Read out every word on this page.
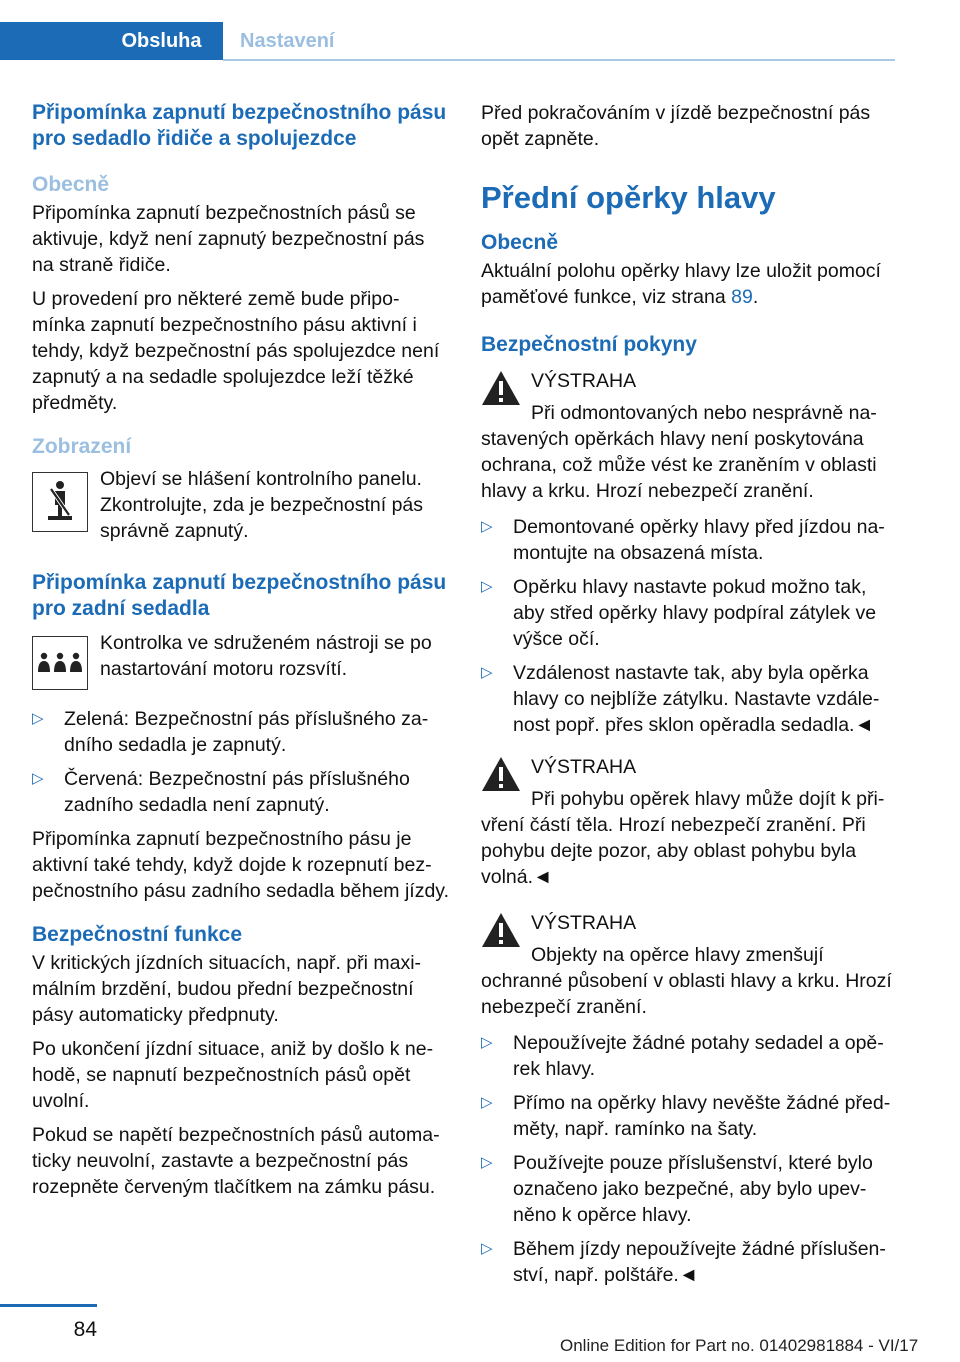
Obsluha Nastavení
Připomínka zapnutí bezpečnostního pásu pro sedadlo řidiče a spolujezdce
Obecně

Připomínka zapnutí bezpečnostních pásů se aktivuje, když není zapnutý bezpečnostní pás na straně řidiče.

U provedení pro některé země bude připo-mínka zapnutí bezpečnostního pásu aktivní i tehdy, když bezpečnostní pás spolujezdce není zapnutý a na sedadle spolujezdce leží těžké předměty.

Zobrazení

Objeví se hlášení kontrolního panelu. Zkontrolujte, zda je bezpečnostní pás správně zapnutý.

Připomínka zapnutí bezpečnostního pásu pro zadní sedadla

Kontrolka ve sdruženém nástroji se po nastartování motoru rozsvítí.

▷	Zelená: Bezpečnostní pás příslušného za-dního sedadla je zapnutý.

▷	Červená: Bezpečnostní pás příslušného zadního sedadla není zapnutý.

Připomínka zapnutí bezpečnostního pásu je aktivní také tehdy, když dojde k rozepnutí bez-pečnostního pásu zadního sedadla během jízdy.

Bezpečnostní funkce

V kritických jízdních situacích, např. při maxi-málním brzdění, budou přední bezpečnostní pásy automaticky předpnuty.

Po ukončení jízdní situace, aniž by došlo k ne-hodě, se napnutí bezpečnostních pásů opět uvolní.

Pokud se napětí bezpečnostních pásů automa-ticky neuvolní, zastavte a bezpečnostní pás rozepněte červeným tlačítkem na zámku pásu.

Před pokračováním v jízdě bezpečnostní pás opět zapněte.

Přední opěrky hlavy
Obecně

Aktuální polohu opěrky hlavy lze uložit pomocí paměťové funkce, viz strana 89.

Bezpečnostní pokyny

VÝSTRAHA

Při odmontovaných nebo nesprávně na-

stavených opěrkách hlavy není poskytována ochrana, což může vést ke zraněním v oblasti hlavy a krku. Hrozí nebezpečí zranění.

▷	Demontované opěrky hlavy před jízdou na-montujte na obsazená místa.

▷	Opěrku hlavy nastavte pokud možno tak, aby střed opěrky hlavy podpíral zátylek ve výšce očí.

▷	Vzdálenost nastavte tak, aby byla opěrka hlavy co nejblíže zátylku. Nastavte vzdále-nost popř. přes sklon opěradla sedadla.◄

VÝSTRAHA

Při pohybu opěrek hlavy může dojít k při-

vření částí těla. Hrozí nebezpečí zranění. Při pohybu dejte pozor, aby oblast pohybu byla volná.◄

VÝSTRAHA

Objekty na opěrce hlavy zmenšují

ochranné působení v oblasti hlavy a krku. Hrozí nebezpečí zranění.

▷	Nepoužívejte žádné potahy sedadel a opě-rek hlavy.

▷	Přímo na opěrky hlavy nevěšte žádné před-měty, např. ramínko na šaty.

▷	Používejte pouze příslušenství, které bylo označeno jako bezpečné, aby bylo upev-něno k opěrce hlavy.

▷	Během jízdy nepoužívejte žádné příslušen-ství, např. polštáře.◄

84
Online Edition for Part no. 01402981884 - VI/17
